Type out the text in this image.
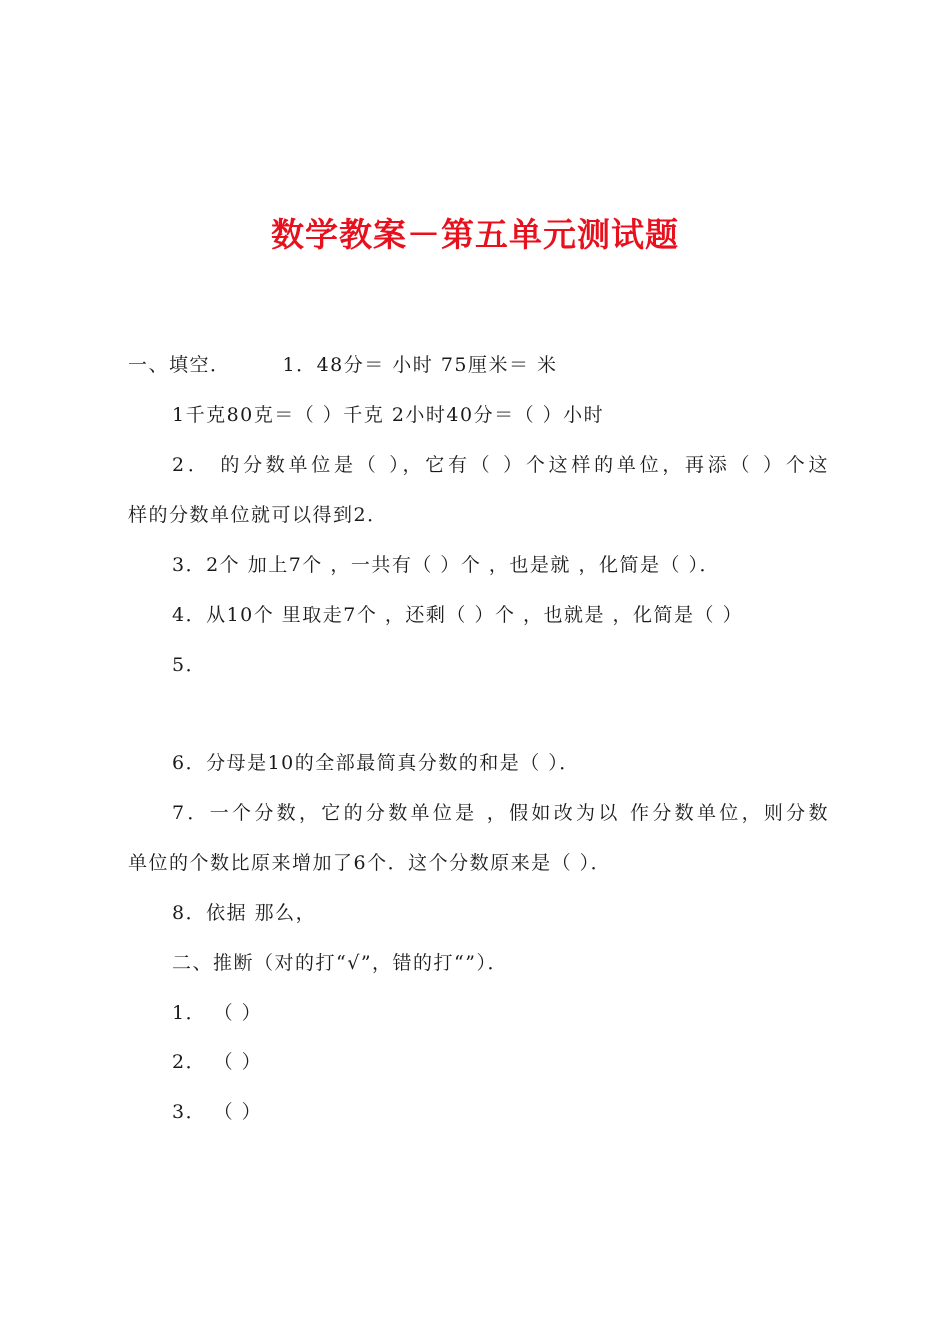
数学教案－第五单元测试题
一、填空．　　　1．48分＝ 小时 75厘米＝ 米
1千克80克＝（ ）千克 2小时40分＝（ ）小时
2． 的分数单位是（ ），它有（ ）个这样的单位，再添（ ）个这
样的分数单位就可以得到2．
3．2个 加上7个 ，一共有（ ）个 ，也是就 ，化简是（ ）．
4．从10个 里取走7个 ，还剩（ ）个 ，也就是 ，化简是（ ）
5．
6．分母是10的全部最简真分数的和是（ ）．
7．一个分数，它的分数单位是 ，假如改为以 作分数单位，则分数
单位的个数比原来增加了6个．这个分数原来是（ ）．
8．依据 那么，
二、推断（对的打“√”，错的打“”）．
1． （ ）
2． （ ）
3． （ ）
